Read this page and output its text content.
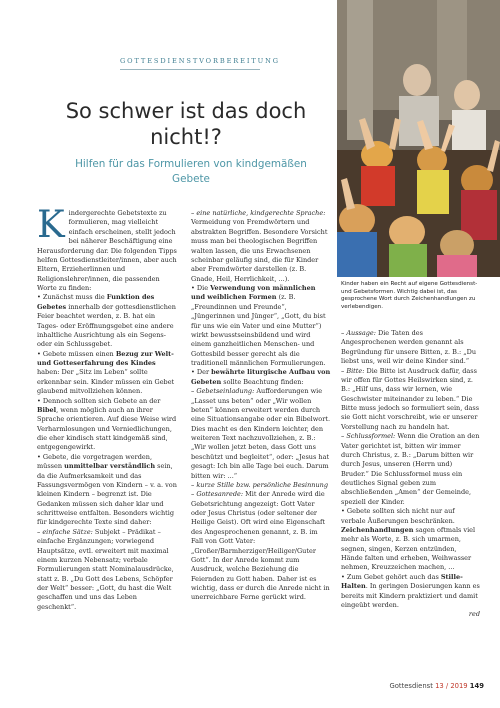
GOTTESDIENSTVORBEREITUNG
So schwer ist das doch
nicht!?
Hilfen für das Formulieren von kindgemäßen
Gebete

Kindergerechte Gebetstexte zu formulieren, mag vielleicht einfach erscheinen, stellt jedoch bei näherer Beschäftigung eine Herausforderung dar. Die folgenden Tipps helfen Gottesdienstleiter/innen, aber auch Eltern, Erzieherlinnen und Religionslehrer/innen, die passenden Worte zu finden:

• Zunächst muss die Funktion des Gebetes innerhalb der gottesdienstlichen Feier beachtet werden, z. B. hat ein Tages- oder Eröffnungsgebet eine andere inhaltliche Ausrichtung als ein Segens- oder ein Schlussgebet.

• Gebete müssen einen Bezug zur Welt- und Gotteserfahrung des Kindes haben: Der „Sitz im Leben“ sollte erkennbar sein. Kinder müssen ein Gebet glaubend mitvollziehen können.

• Dennoch sollten sich Gebete an der Bibel, wenn möglich auch an ihrer Sprache orientieren. Auf diese Weise wird Verharmlosungen und Verniedlichungen, die eher kindisch statt kindgemäß sind, entgegengewirkt.

• Gebete, die vorgetragen werden, müssen unmittelbar verständlich sein, da die Aufmerksamkeit und das Fassungsvermögen von Kindern – v. a. von kleinen Kindern – begrenzt ist. Die Gedanken müssen sich daher klar und schrittweise entfalten. Besonders wichtig für kindgerechte Texte sind daher:

– einfache Sätze: Subjekt – Prädikat – einfache Ergänzungen; vorwiegend Hauptsätze, evtl. erweitert mit maximal einem kurzen Nebensatz; verbale Formulierungen statt Nominalausdrücke, statt z. B. „Du Gott des Lebens, Schöpfer der Welt“ besser: „Gott, du hast die Welt geschaffen und uns das Leben geschenkt“.

– eine natürliche, kindgerechte Sprache: Vermeidung von Fremdwörtern und abstrakten Begriffen. Besondere Vorsicht muss man bei theologischen Begriffen walten lassen, die uns Erwachsenen scheinbar geläufig sind, die für Kinder aber Fremdwörter darstellen (z. B. Gnade, Heil, Herrlichkeit, ...).

• Die Verwendung von männlichen und weiblichen Formen (z. B. „Freundinnen und Freunde“, „Jüngerinnen und Jünger“, „Gott, du bist für uns wie ein Vater und eine Mutter“) wirkt bewusstseinsbildend und wird einem ganzheitlichen Menschen- und Gottesbild besser gerecht als die traditionell männlichen Formulierungen.

• Der bewährte liturgische Aufbau von Gebeten sollte Beachtung finden:

– Gebetseinladung: Aufforderungen wie „Lasset uns beten“ oder „Wir wollen beten“ können erweitert werden durch eine Situationsangabe oder ein Bibelwort. Dies macht es den Kindern leichter, den weiteren Text nachzuvollziehen, z. B.: „Wir wollen jetzt beten, dass Gott uns beschützt und begleitet“, oder: „Jesus hat gesagt: Ich bin alle Tage bei euch. Darum bitten wir: ...“

– kurze Stille bzw. persönliche Besinnung

– Gottesanrede: Mit der Anrede wird die Gebetsrichtung angezeigt: Gott Vater oder Jesus Christus (oder seltener der Heilige Geist). Oft wird eine Eigenschaft des Angesprochenen genannt, z. B. im Fall von Gott Vater: „Großer/Barmherziger/Heiliger/Guter Gott“. In der Anrede kommt zum Ausdruck, welche Beziehung die Feiernden zu Gott haben. Daher ist es wichtig, dass er durch die Anrede nicht in unerreichbare Ferne gerückt wird.

Kinder haben ein Recht auf eigene Gottesdienst- und Gebetsformen. Wichtig dabei ist, das gesprochene Wort durch Zeichenhandlungen zu verlebendigen.

– Aussage: Die Taten des Angesprochenen werden genannt als Begründung für unsere Bitten, z. B.: „Du liebst uns, weil wir deine Kinder sind.“

– Bitte: Die Bitte ist Ausdruck dafür, dass wir offen für Gottes Heilswirken sind, z. B.: „Hilf uns, dass wir lernen, wie Geschwister miteinander zu leben.“ Die Bitte muss jedoch so formuliert sein, dass sie Gott nicht vorschreibt, wie er unserer Vorstellung nach zu handeln hat.

– Schlussformel: Wenn die Oration an den Vater gerichtet ist, bitten wir immer durch Christus, z. B.: „Darum bitten wir durch Jesus, unseren (Herrn und) Bruder.“ Die Schlussformel muss ein deutliches Signal geben zum abschließenden „Amen“ der Gemeinde, speziell der Kinder.

• Gebete sollten sich nicht nur auf verbale Äußerungen beschränken. Zeichenhandlungen sagen oftmals viel mehr als Worte, z. B. sich umarmen, segnen, singen, Kerzen entzünden, Hände falten und erheben, Weihwasser nehmen, Kreuzzeichen machen, ...

• Zum Gebet gehört auch das Stille-Halten. In geringen Dosierungen kann es bereits mit Kindern praktiziert und damit eingeübt werden.

red

Gottesdienst 13 / 2019 149
